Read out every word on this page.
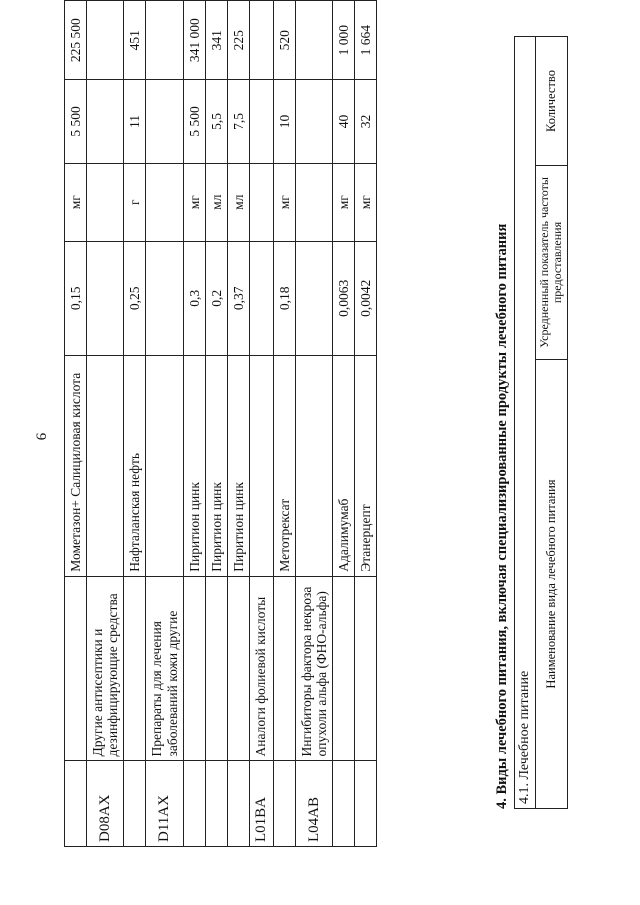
9
		Мометазон+ Салициловая кислота	0,15	мг	5 500	225 500
D08AX	Другие антисептики и дезинфицирующие средства					
		Нафталанская нефть	0,25	г	11	451
D11AX	Препараты для лечения заболеваний кожи другие					
		Пиритион цинк	0,3	мг	5 500	341 000
		Пиритион цинк	0,2	мл	5,5	341
		Пиритион цинк	0,37	мл	7,5	225
L01BA	Аналоги фолиевой кислоты					
		Метотрексат	0,18	мг	10	520
L04AB	Ингибиторы фактора некроза опухоли альфа (ФНО-альфа)					
		Адалимумаб	0,0063	мг	40	1 000
		Этанерцепт	0,0042	мг	32	1 664
4. Виды лечебного питания, включая специализированные продукты лечебного питания 4.1. Лечебное питание
Наименование вида лечебного питания	Усредненный показатель частоты предоставления	Количество
